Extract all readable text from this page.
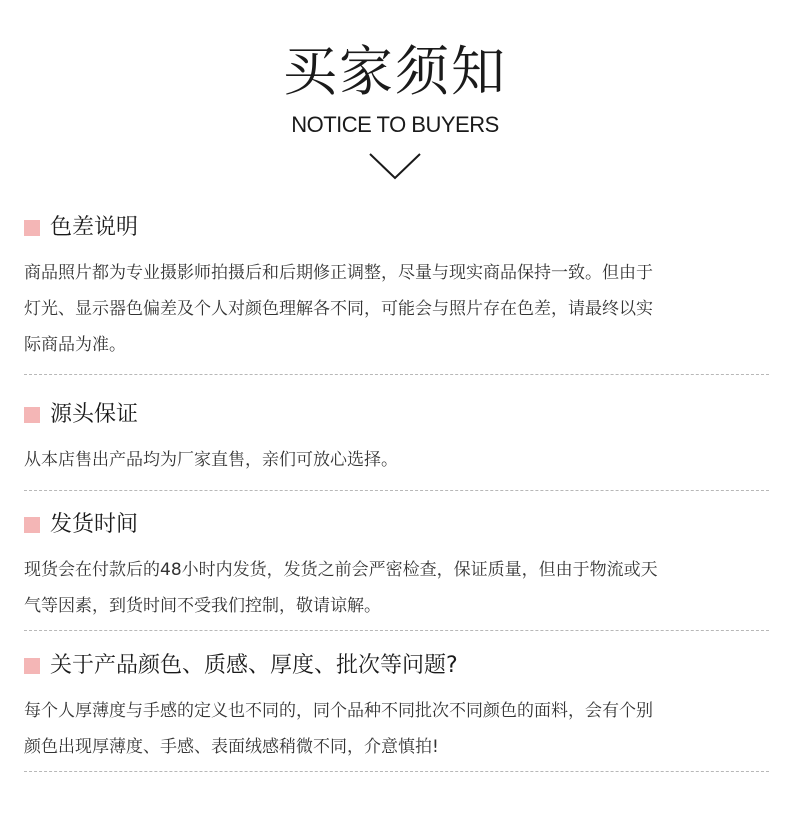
买家须知
NOTICE TO BUYERS
色差说明

商品照片都为专业摄影师拍摄后和后期修正调整，尽量与现实商品保持一致。但由于

灯光、显示器色偏差及个人对颜色理解各不同，可能会与照片存在色差，请最终以实

际商品为准。

源头保证

从本店售出产品均为厂家直售，亲们可放心选择。

发货时间

现货会在付款后的48小时内发货，发货之前会严密检查，保证质量，但由于物流或天

气等因素，到货时间不受我们控制，敬请谅解。

关于产品颜色、质感、厚度、批次等问题?

每个人厚薄度与手感的定义也不同的，同个品种不同批次不同颜色的面料，会有个别

颜色出现厚薄度、手感、表面绒感稍微不同，介意慎拍!
